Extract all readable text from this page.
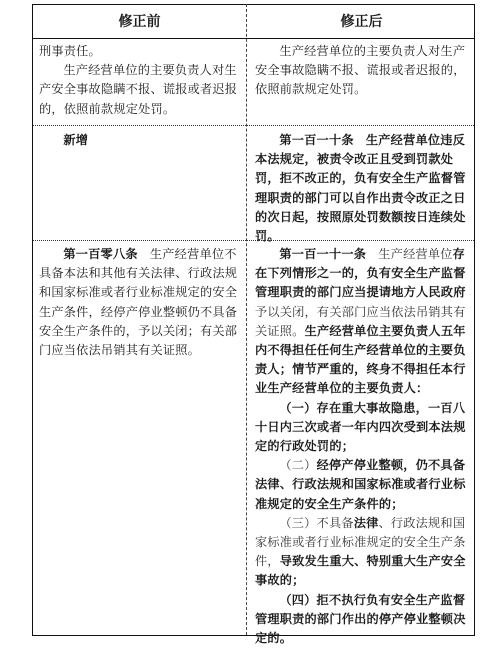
修正前	修正后

刑事责任。

生产经营单位的主要负责人对生产安全事故隐瞒不报、谎报或者迟报的，依照前款规定处罚。

生产经营单位的主要负责人对生产安全事故隐瞒不报、谎报或者迟报的，依照前款规定处罚。

新增	第一百一十条 生产经营单位违反本法规定，被责令改正且受到罚款处罚，拒不改正的，负有安全生产监督管理职责的部门可以自作出责令改正之日的次日起，按照原处罚数额按日连续处罚。

第一百零八条 生产经营单位不具备本法和其他有关法律、行政法规和国家标准或者行业标准规定的安全生产条件，经停产停业整顿仍不具备安全生产条件的，予以关闭；有关部门应当依法吊销其有关证照。

第一百一十一条 生产经营单位存在下列情形之一的，负有安全生产监督管理职责的部门应当提请地方人民政府予以关闭，有关部门应当依法吊销其有关证照。生产经营单位主要负责人五年内不得担任任何生产经营单位的主要负责人；情节严重的，终身不得担任本行业生产经营单位的主要负责人：

（一）存在重大事故隐患，一百八十日内三次或者一年内四次受到本法规定的行政处罚的；

（二）经停产停业整顿，仍不具备法律、行政法规和国家标准或者行业标准规定的安全生产条件的；

（三）不具备法律、行政法规和国家标准或者行业标准规定的安全生产条件，导致发生重大、特别重大生产安全事故的；

（四）拒不执行负有安全生产监督管理职责的部门作出的停产停业整顿决定的。
